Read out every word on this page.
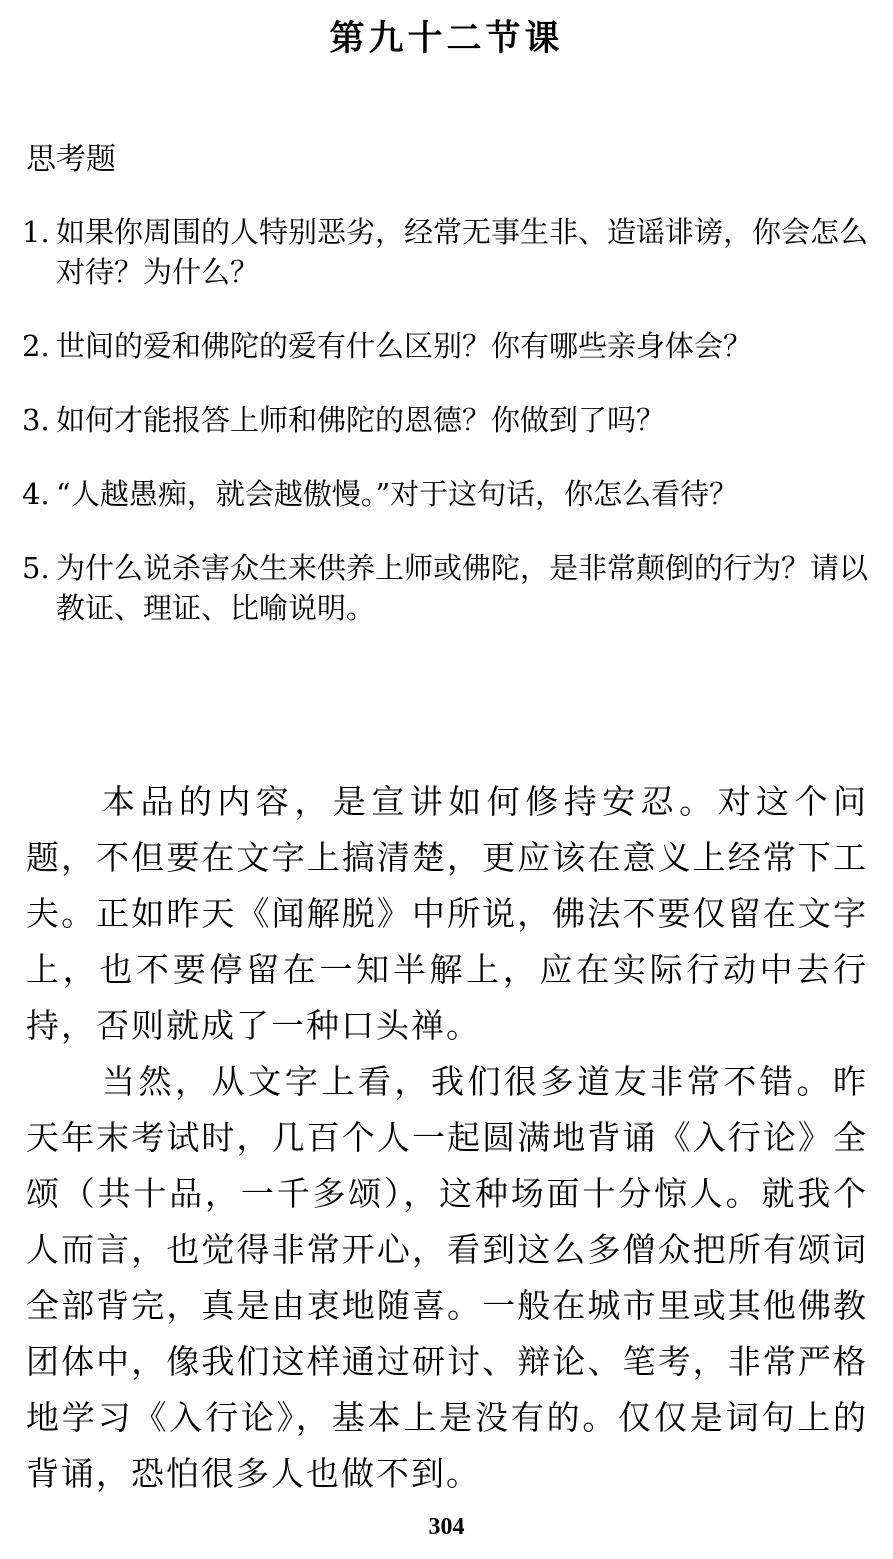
第九十二节课
思考题
1. 如果你周围的人特别恶劣，经常无事生非、造谣诽谤，你会怎么对待？为什么？
2. 世间的爱和佛陀的爱有什么区别？你有哪些亲身体会？
3. 如何才能报答上师和佛陀的恩德？你做到了吗？
4. “人越愚痴，就会越傲慢。”对于这句话，你怎么看待？
5. 为什么说杀害众生来供养上师或佛陀，是非常颠倒的行为？请以教证、理证、比喻说明。

本品的内容，是宣讲如何修持安忍。对这个问题，不但要在文字上搞清楚，更应该在意义上经常下工夫。正如昨天《闻解脱》中所说，佛法不要仅留在文字上，也不要停留在一知半解上，应在实际行动中去行持，否则就成了一种口头禅。

当然，从文字上看，我们很多道友非常不错。昨天年末考试时，几百个人一起圆满地背诵《入行论》全颂（共十品，一千多颂），这种场面十分惊人。就我个人而言，也觉得非常开心，看到这么多僧众把所有颂词全部背完，真是由衷地随喜。一般在城市里或其他佛教团体中，像我们这样通过研讨、辩论、笔考，非常严格地学习《入行论》，基本上是没有的。仅仅是词句上的背诵，恐怕很多人也做不到。

304
